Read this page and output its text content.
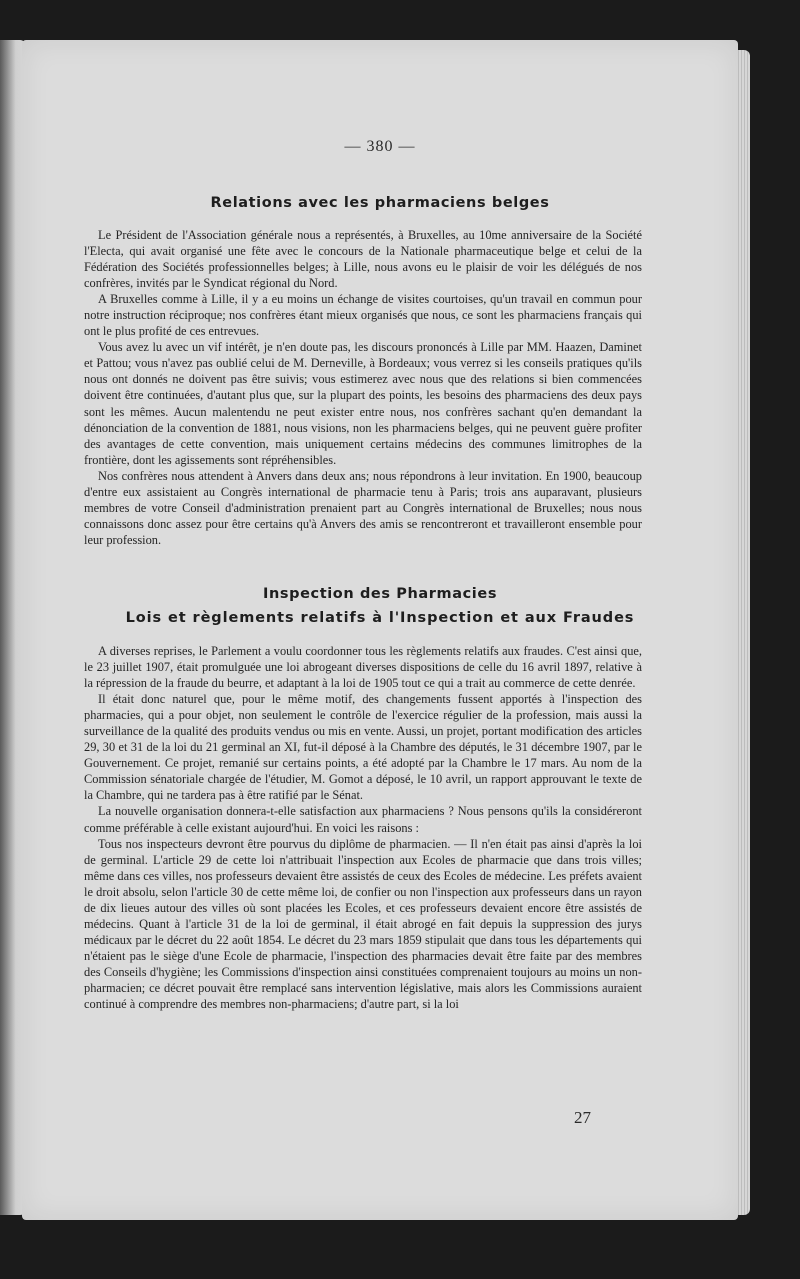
— 380 —
Relations avec les pharmaciens belges

Le Président de l'Association générale nous a représentés, à Bruxelles, au 10me anniversaire de la Société l'Electa, qui avait organisé une fête avec le concours de la Nationale pharmaceutique belge et celui de la Fédération des Sociétés professionnelles belges; à Lille, nous avons eu le plaisir de voir les délégués de nos confrères, invités par le Syndicat régional du Nord.

A Bruxelles comme à Lille, il y a eu moins un échange de visites courtoises, qu'un travail en commun pour notre instruction réciproque; nos confrères étant mieux organisés que nous, ce sont les pharmaciens français qui ont le plus profité de ces entrevues.

Vous avez lu avec un vif intérêt, je n'en doute pas, les discours prononcés à Lille par MM. Haazen, Daminet et Pattou; vous n'avez pas oublié celui de M. Derneville, à Bordeaux; vous verrez si les conseils pratiques qu'ils nous ont donnés ne doivent pas être suivis; vous estimerez avec nous que des relations si bien commencées doivent être continuées, d'autant plus que, sur la plupart des points, les besoins des pharmaciens des deux pays sont les mêmes. Aucun malentendu ne peut exister entre nous, nos confrères sachant qu'en demandant la dénonciation de la convention de 1881, nous visions, non les pharmaciens belges, qui ne peuvent guère profiter des avantages de cette convention, mais uniquement certains médecins des communes limitrophes de la frontière, dont les agissements sont répréhensibles.

Nos confrères nous attendent à Anvers dans deux ans; nous répondrons à leur invitation. En 1900, beaucoup d'entre eux assistaient au Congrès international de pharmacie tenu à Paris; trois ans auparavant, plusieurs membres de votre Conseil d'administration prenaient part au Congrès international de Bruxelles; nous nous connaissons donc assez pour être certains qu'à Anvers des amis se rencontreront et travailleront ensemble pour leur profession.

Inspection des Pharmacies
Lois et règlements relatifs à l'Inspection et aux Fraudes

A diverses reprises, le Parlement a voulu coordonner tous les règlements relatifs aux fraudes. C'est ainsi que, le 23 juillet 1907, était promulguée une loi abrogeant diverses dispositions de celle du 16 avril 1897, relative à la répression de la fraude du beurre, et adaptant à la loi de 1905 tout ce qui a trait au commerce de cette denrée.

Il était donc naturel que, pour le même motif, des changements fussent apportés à l'inspection des pharmacies, qui a pour objet, non seulement le contrôle de l'exercice régulier de la profession, mais aussi la surveillance de la qualité des produits vendus ou mis en vente. Aussi, un projet, portant modification des articles 29, 30 et 31 de la loi du 21 germinal an XI, fut-il déposé à la Chambre des députés, le 31 décembre 1907, par le Gouvernement. Ce projet, remanié sur certains points, a été adopté par la Chambre le 17 mars. Au nom de la Commission sénatoriale chargée de l'étudier, M. Gomot a déposé, le 10 avril, un rapport approuvant le texte de la Chambre, qui ne tardera pas à être ratifié par le Sénat.

La nouvelle organisation donnera-t-elle satisfaction aux pharmaciens ? Nous pensons qu'ils la considéreront comme préférable à celle existant aujourd'hui. En voici les raisons :

Tous nos inspecteurs devront être pourvus du diplôme de pharmacien. — Il n'en était pas ainsi d'après la loi de germinal. L'article 29 de cette loi n'attribuait l'inspection aux Ecoles de pharmacie que dans trois villes; même dans ces villes, nos professeurs devaient être assistés de ceux des Ecoles de médecine. Les préfets avaient le droit absolu, selon l'article 30 de cette même loi, de confier ou non l'inspection aux professeurs dans un rayon de dix lieues autour des villes où sont placées les Ecoles, et ces professeurs devaient encore être assistés de médecins. Quant à l'article 31 de la loi de germinal, il était abrogé en fait depuis la suppression des jurys médicaux par le décret du 22 août 1854. Le décret du 23 mars 1859 stipulait que dans tous les départements qui n'étaient pas le siège d'une Ecole de pharmacie, l'inspection des pharmacies devait être faite par des membres des Conseils d'hygiène; les Commissions d'inspection ainsi constituées comprenaient toujours au moins un non-pharmacien; ce décret pouvait être remplacé sans intervention législative, mais alors les Commissions auraient continué à comprendre des membres non-pharmaciens; d'autre part, si la loi

27
